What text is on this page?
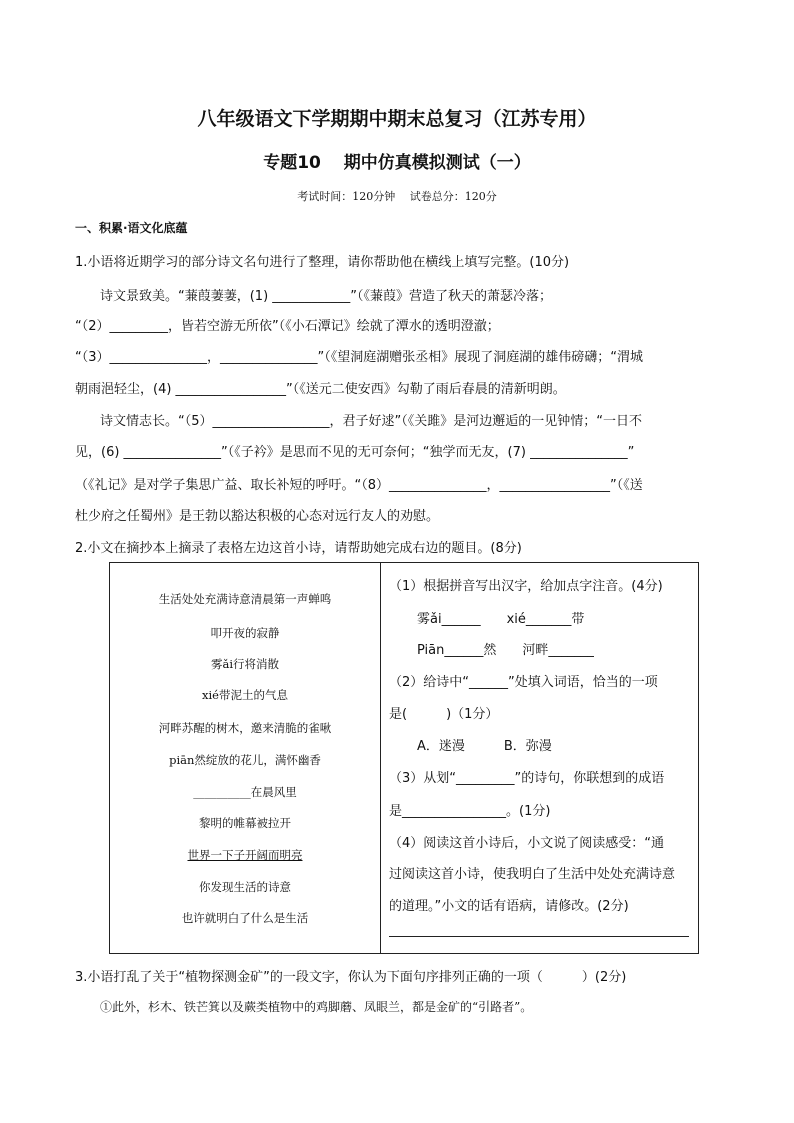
八年级语文下学期期中期末总复习（江苏专用）
专题10　 期中仿真模拟测试（一）
考试时间：120分钟　 试卷总分：120分
一、积累·语文化底蕴
1.小语将近期学习的部分诗文名句进行了整理，请你帮助他在横线上填写完整。(10分)
诗文景致美。“蒹葭萋萋，(1) ____________”（《蒹葭》营造了秋天的萧瑟冷落；
“（2）_________，皆若空游无所依”（《小石潭记》绘就了潭水的透明澄澈；
“（3）_______________，_______________”（《望洞庭湖赠张丞相》展现了洞庭湖的雄伟磅礴；“渭城
朝雨浥轻尘，(4) _________________”（《送元二使安西》勾勒了雨后春晨的清新明朗。
诗文情志长。“（5）__________________，君子好逑”（《关雎》是河边邂逅的一见钟情；“一日不
见，(6) _______________”（《子衿》是思而不见的无可奈何；“独学而无友，(7) _______________”
（《礼记》是对学子集思广益、取长补短的呼吁。“（8）_______________，_________________”（《送
杜少府之任蜀州》是王勃以豁达积极的心态对远行友人的劝慰。
2.小文在摘抄本上摘录了表格左边这首小诗，请帮助她完成右边的题目。(8分)
生活处处充满诗意清晨第一声蝉鸣
叩开夜的寂静
雾ǎi行将消散
xié带泥土的气息
河畔苏醒的树木，邀来清脆的雀啾
piān然绽放的花儿，满怀幽香
__________在晨风里
黎明的帷幕被拉开
世界一下子开阔而明亮
你发现生活的诗意
也许就明白了什么是生活

（1）根据拼音写出汉字，给加点字注音。(4分)
雾ǎi______　　xié_______带
Piān______然　　河畔_______
（2）给诗中“______”处填入词语，恰当的一项
是(　　　)（1分）
A．迷漫　　　B．弥漫
（3）从划“_________”的诗句，你联想到的成语
是________________。(1分)
（4）阅读这首小诗后，小文说了阅读感受：“通
过阅读这首小诗，使我明白了生活中处处充满诗意
的道理。”小文的话有语病，请修改。(2分)
3.小语打乱了关于“植物探测金矿”的一段文字，你认为下面句序排列正确的一项（　　　）(2分)
①此外，杉木、铁芒箕以及蕨类植物中的鸡脚蘑、凤眼兰，都是金矿的“引路者”。
